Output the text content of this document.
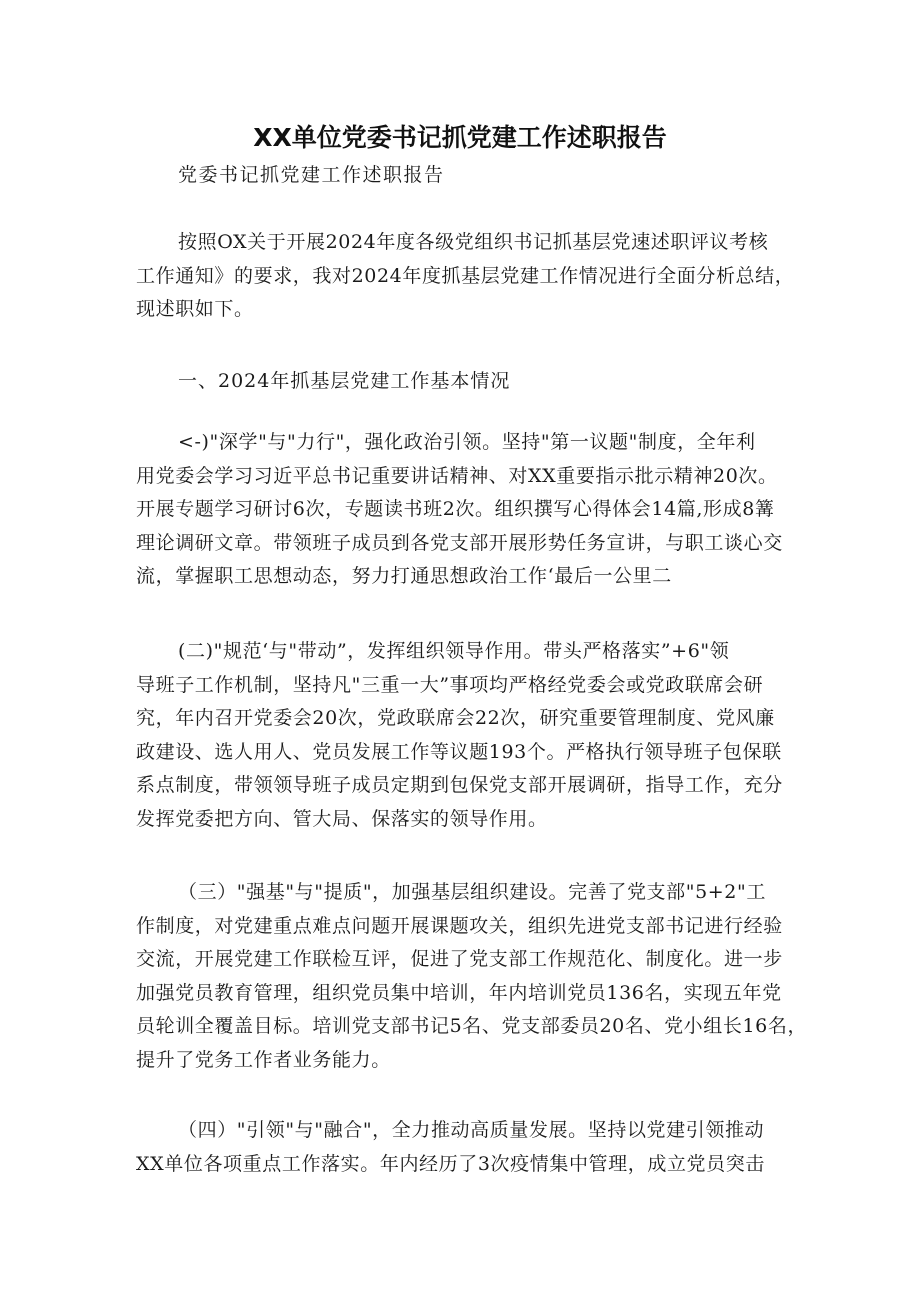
XX单位党委书记抓党建工作述职报告

党委书记抓党建工作述职报告

按照OX关于开展2024年度各级党组织书记抓基层党速述职评议考核
工作通知》的要求，我对2024年度抓基层党建工作情况进行全面分析总结，
现述职如下。

一、2024年抓基层党建工作基本情况

<-)"深学"与"力行"，强化政治引领。坚持"第一议题"制度，全年利
用党委会学习习近平总书记重要讲话精神、对XX重要指示批示精神20次。
开展专题学习研讨6次，专题读书班2次。组织撰写心得体会14篇,形成8篝
理论调研文章。带领班子成员到各党支部开展形势任务宣讲，与职工谈心交
流，掌握职工思想动态，努力打通思想政治工作‘最后一公里二
(二)"规范‘与"带动”，发挥组织领导作用。带头严格落实”+6"领
导班子工作机制，坚持凡"三重一大”事项均严格经党委会或党政联席会研
究，年内召开党委会20次，党政联席会22次，研究重要管理制度、党风廉
政建设、选人用人、党员发展工作等议题193个。严格执行领导班子包保联
系点制度，带领领导班子成员定期到包保党支部开展调研，指导工作，充分
发挥党委把方向、管大局、保落实的领导作用。
（三）"强基"与"提质"，加强基层组织建设。完善了党支部"5+2"工
作制度，对党建重点难点问题开展课题攻关，组织先进党支部书记进行经验
交流，开展党建工作联检互评，促进了党支部工作规范化、制度化。进一步
加强党员教育管理，组织党员集中培训，年内培训党员136名，实现五年党
员轮训全覆盖目标。培训党支部书记5名、党支部委员20名、党小组长16名，
提升了党务工作者业务能力。
（四）"引领"与"融合"，全力推动高质量发展。坚持以党建引领推动
XX单位各项重点工作落实。年内经历了3次疫情集中管理，成立党员突击
